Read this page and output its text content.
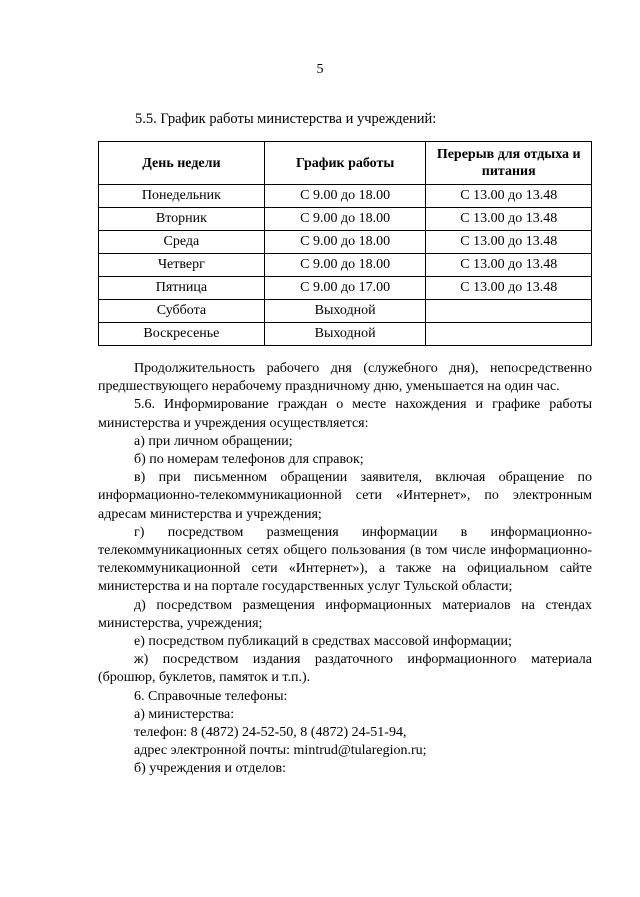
5
5.5. График работы министерства и учреждений:
День недели	График работы	Перерыв для отдыха и питания
Понедельник	С 9.00 до 18.00	С 13.00 до 13.48
Вторник	С 9.00 до 18.00	С 13.00 до 13.48
Среда	С 9.00 до 18.00	С 13.00 до 13.48
Четверг	С 9.00 до 18.00	С 13.00 до 13.48
Пятница	С 9.00 до 17.00	С 13.00 до 13.48
Суббота	Выходной	
Воскресенье	Выходной	

Продолжительность рабочего дня (служебного дня), непосредственно предшествующего нерабочему праздничному дню, уменьшается на один час.

5.6. Информирование граждан о месте нахождения и графике работы министерства и учреждения осуществляется:

а) при личном обращении;

б) по номерам телефонов для справок;

в) при письменном обращении заявителя, включая обращение по информационно-телекоммуникационной сети «Интернет», по электронным адресам министерства и учреждения;

г) посредством размещения информации в информационно-телекоммуникационных сетях общего пользования (в том числе информационно-телекоммуникационной сети «Интернет»), а также на официальном сайте министерства и на портале государственных услуг Тульской области;

д) посредством размещения информационных материалов на стендах министерства, учреждения;

е) посредством публикаций в средствах массовой информации;

ж) посредством издания раздаточного информационного материала (брошюр, буклетов, памяток и т.п.).

6. Справочные телефоны:

а) министерства:

телефон: 8 (4872) 24-52-50, 8 (4872) 24-51-94,

адрес электронной почты: mintrud@tularegion.ru;

б) учреждения и отделов:
